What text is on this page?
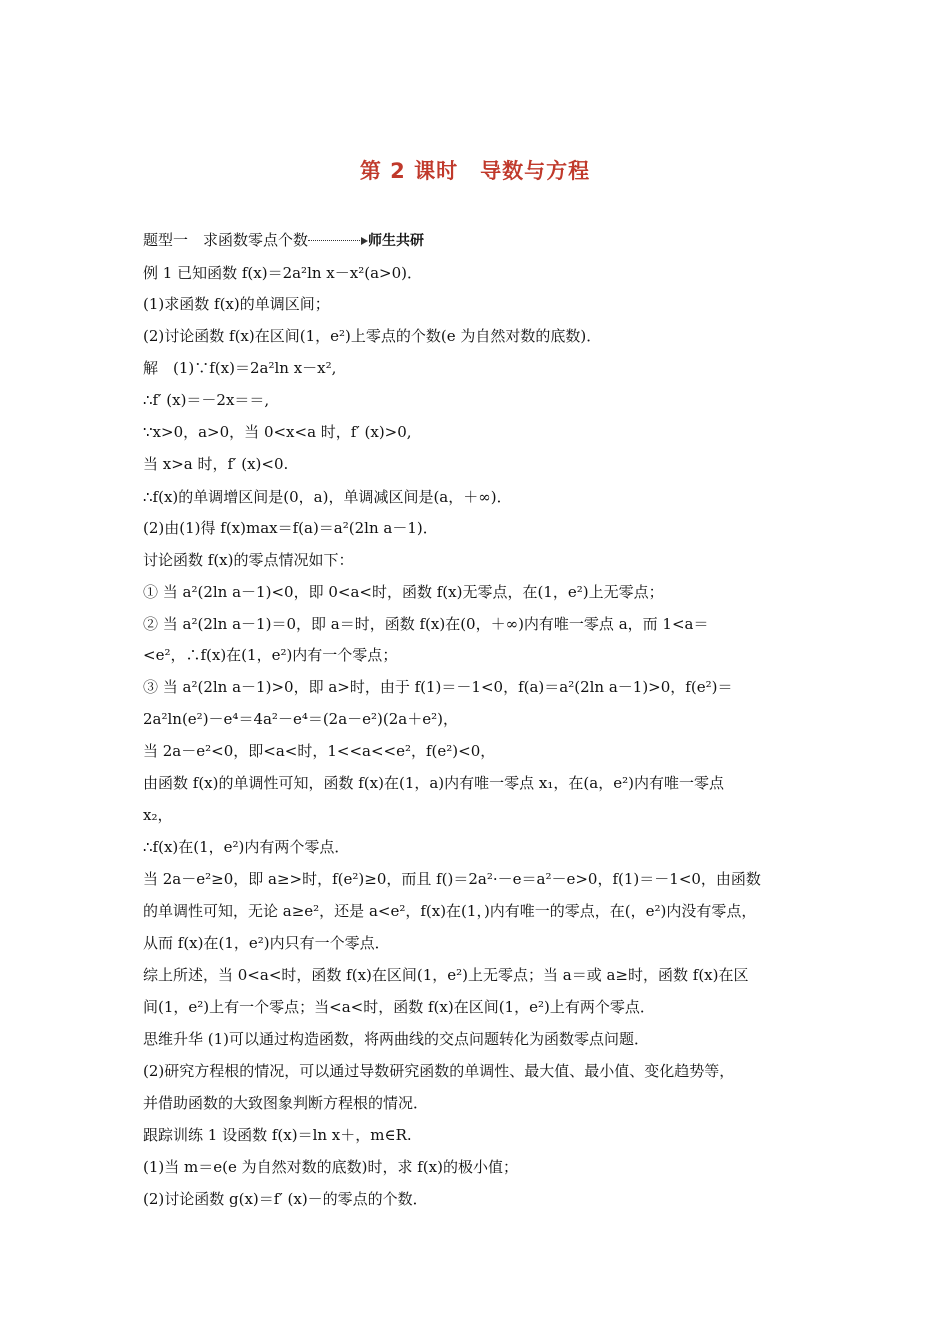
第 2 课时　导数与方程
题型一　求函数零点个数	师生共研
例 1 已知函数 f(x)＝2a²ln x－x²(a>0)．
(1)求函数 f(x)的单调区间；
(2)讨论函数 f(x)在区间(1，e²)上零点的个数(e 为自然对数的底数)．
解　(1)∵f(x)＝2a²ln x－x²,
∴f′ (x)＝－2x＝＝,
∵x>0，a>0，当 0<x<a 时，f′ (x)>0,
当 x>a 时，f′ (x)<0.
∴f(x)的单调增区间是(0，a)，单调减区间是(a，＋∞)．
(2)由(1)得 f(x)max＝f(a)＝a²(2ln a－1)．
讨论函数 f(x)的零点情况如下：
① 当 a²(2ln a－1)<0，即 0<a<时，函数 f(x)无零点，在(1，e²)上无零点；
② 当 a²(2ln a－1)＝0，即 a＝时，函数 f(x)在(0，＋∞)内有唯一零点 a，而 1<a＝
<e²，∴f(x)在(1，e²)内有一个零点；
③ 当 a²(2ln a－1)>0，即 a>时，由于 f(1)＝－1<0，f(a)＝a²(2ln a－1)>0，f(e²)＝
2a²ln(e²)－e⁴＝4a²－e⁴＝(2a－e²)(2a＋e²)，
当 2a－e²<0，即<a<时，1<<a<<e²，f(e²)<0，
由函数 f(x)的单调性可知，函数 f(x)在(1，a)内有唯一零点 x₁，在(a，e²)内有唯一零点
x₂，
∴f(x)在(1，e²)内有两个零点．
当 2a－e²≥0，即 a≥>时，f(e²)≥0，而且 f()＝2a²·－e＝a²－e>0，f(1)＝－1<0，由函数
的单调性可知，无论 a≥e²，还是 a<e²，f(x)在(1，)内有唯一的零点，在(，e²)内没有零点，
从而 f(x)在(1，e²)内只有一个零点．
综上所述，当 0<a<时，函数 f(x)在区间(1，e²)上无零点；当 a＝或 a≥时，函数 f(x)在区
间(1，e²)上有一个零点；当<a<时，函数 f(x)在区间(1，e²)上有两个零点．
思维升华 (1)可以通过构造函数，将两曲线的交点问题转化为函数零点问题．
(2)研究方程根的情况，可以通过导数研究函数的单调性、最大值、最小值、变化趋势等，
并借助函数的大致图象判断方程根的情况．
跟踪训练 1 设函数 f(x)＝ln x＋，m∈R.
(1)当 m＝e(e 为自然对数的底数)时，求 f(x)的极小值；
(2)讨论函数 g(x)＝f′ (x)－的零点的个数．
